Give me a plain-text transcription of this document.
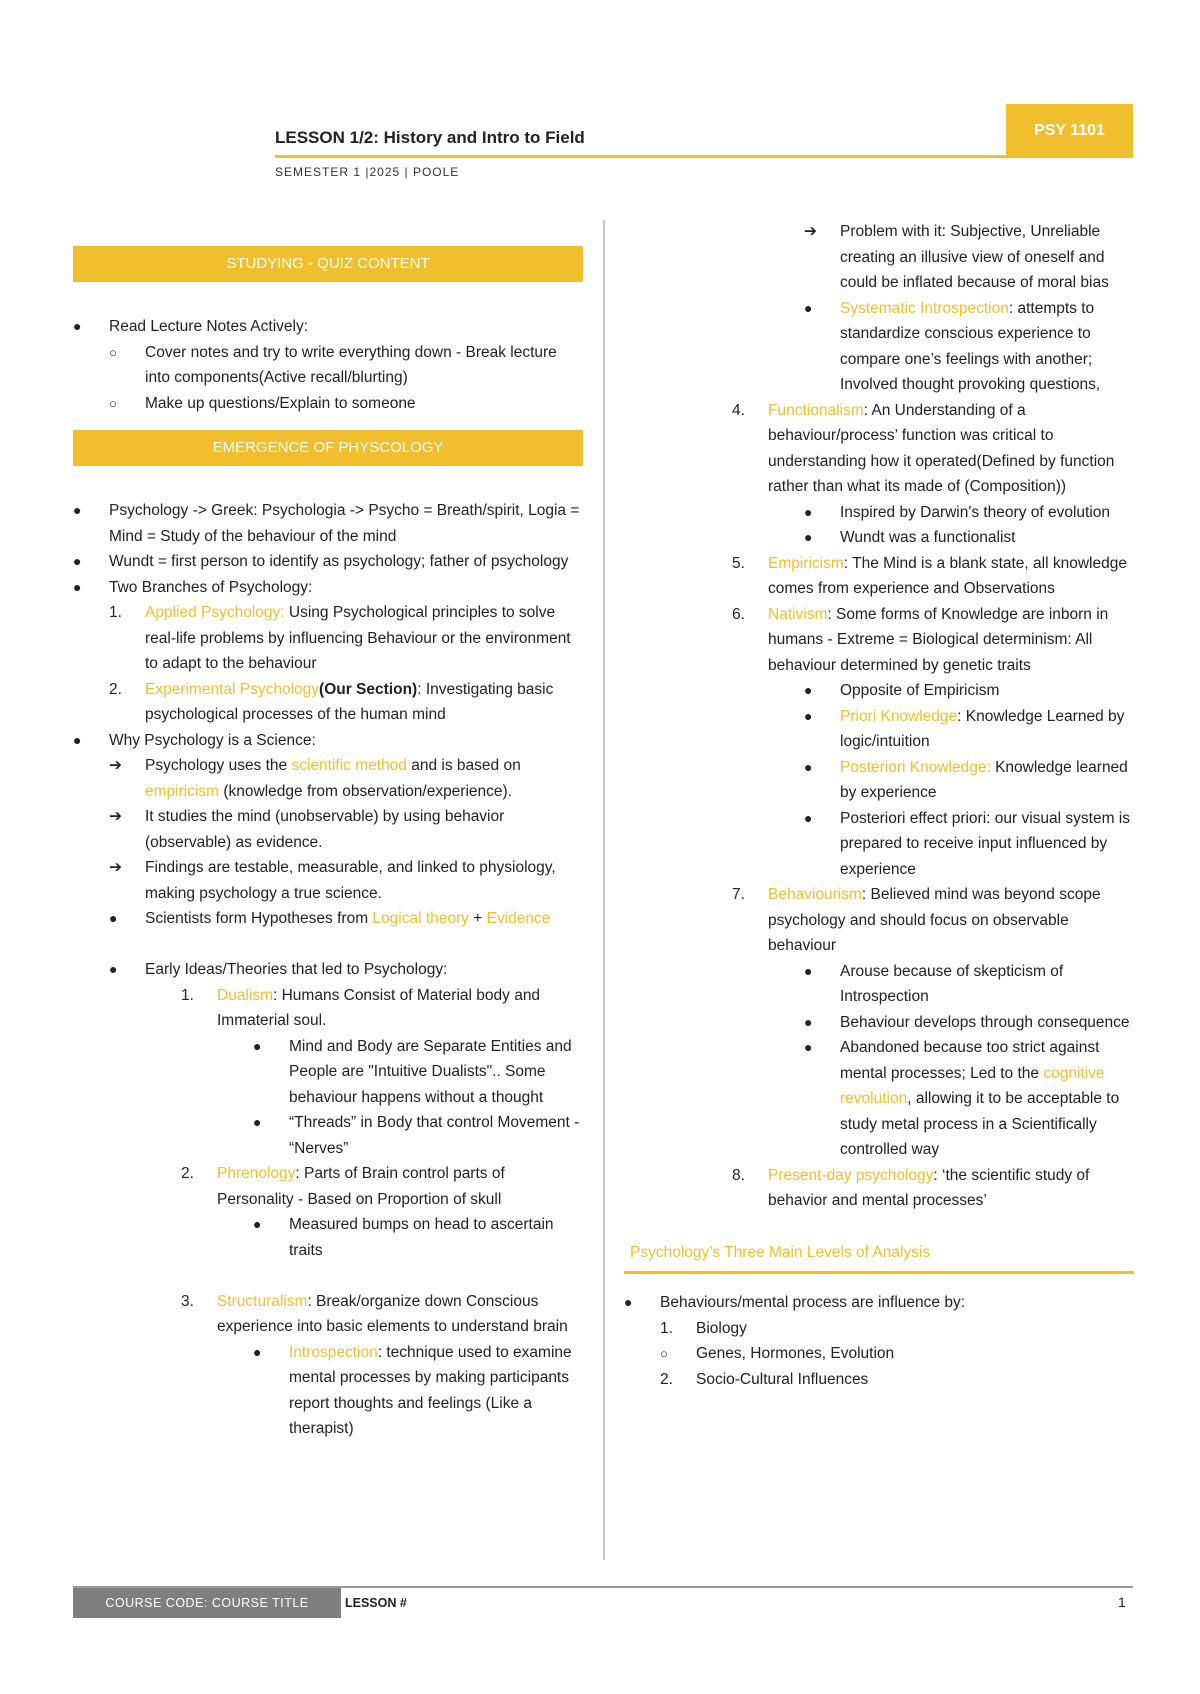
LESSON 1/2: History and Intro to Field
SEMESTER 1 |2025 | POOLE
PSY 1101
STUDYING - QUIZ CONTENT
●	Read Lecture Notes Actively:
○	Cover notes and try to write everything down - Break lecture into components(Active recall/blurting)
○	Make up questions/Explain to someone
EMERGENCE OF PHYSCOLOGY
●	Psychology -> Greek: Psychologia -> Psycho = Breath/spirit, Logia = Mind = Study of the behaviour of the mind
●	Wundt = first person to identify as psychology; father of psychology
●	Two Branches of Psychology:
1.	Applied Psychology: Using Psychological principles to solve real-life problems by influencing Behaviour or the environment to adapt to the behaviour
2.	Experimental Psychology(Our Section): Investigating basic psychological processes of the human mind
●	Why Psychology is a Science:
➔	Psychology uses the scientific method and is based on empiricism (knowledge from observation/experience).
➔	It studies the mind (unobservable) by using behavior (observable) as evidence.
➔	Findings are testable, measurable, and linked to physiology, making psychology a true science.
●	Scientists form Hypotheses from Logical theory + Evidence
●	Early Ideas/Theories that led to Psychology:
1.	Dualism: Humans Consist of Material body and Immaterial soul.
●	Mind and Body are Separate Entities and People are "Intuitive Dualists".. Some behaviour happens without a thought
●	“Threads” in Body that control Movement - “Nerves”
2.	Phrenology: Parts of Brain control parts of Personality - Based on Proportion of skull
●	Measured bumps on head to ascertain traits
3.	Structuralism: Break/organize down Conscious experience into basic elements to understand brain
●	Introspection: technique used to examine mental processes by making participants report thoughts and feelings (Like a therapist)
➔	Problem with it: Subjective, Unreliable creating an illusive view of oneself and could be inflated because of moral bias
●	Systematic Introspection: attempts to standardize conscious experience to compare one’s feelings with another; Involved thought provoking questions,
4.	Functionalism: An Understanding of a behaviour/process’ function was critical to understanding how it operated(Defined by function rather than what its made of (Composition))
●	Inspired by Darwin's theory of evolution
●	Wundt was a functionalist
5.	Empiricism: The Mind is a blank state, all knowledge comes from experience and Observations
6.	Nativism: Some forms of Knowledge are inborn in humans - Extreme = Biological determinism: All behaviour determined by genetic traits
●	Opposite of Empiricism
●	Priori Knowledge: Knowledge Learned by logic/intuition
●	Posteriori Knowledge: Knowledge learned by experience
●	Posteriori effect priori: our visual system is prepared to receive input influenced by experience
7.	Behaviourism: Believed mind was beyond scope psychology and should focus on observable behaviour
●	Arouse because of skepticism of Introspection
●	Behaviour develops through consequence
●	Abandoned because too strict against mental processes; Led to the cognitive revolution, allowing it to be acceptable to study metal process in a Scientifically controlled way
8.	Present-day psychology: ‘the scientific study of behavior and mental processes’
Psychology’s Three Main Levels of Analysis
●	Behaviours/mental process are influence by:
1.	Biology
○	Genes, Hormones, Evolution
2.	Socio-Cultural Influences
COURSE CODE: COURSE TITLE	LESSON #	1
